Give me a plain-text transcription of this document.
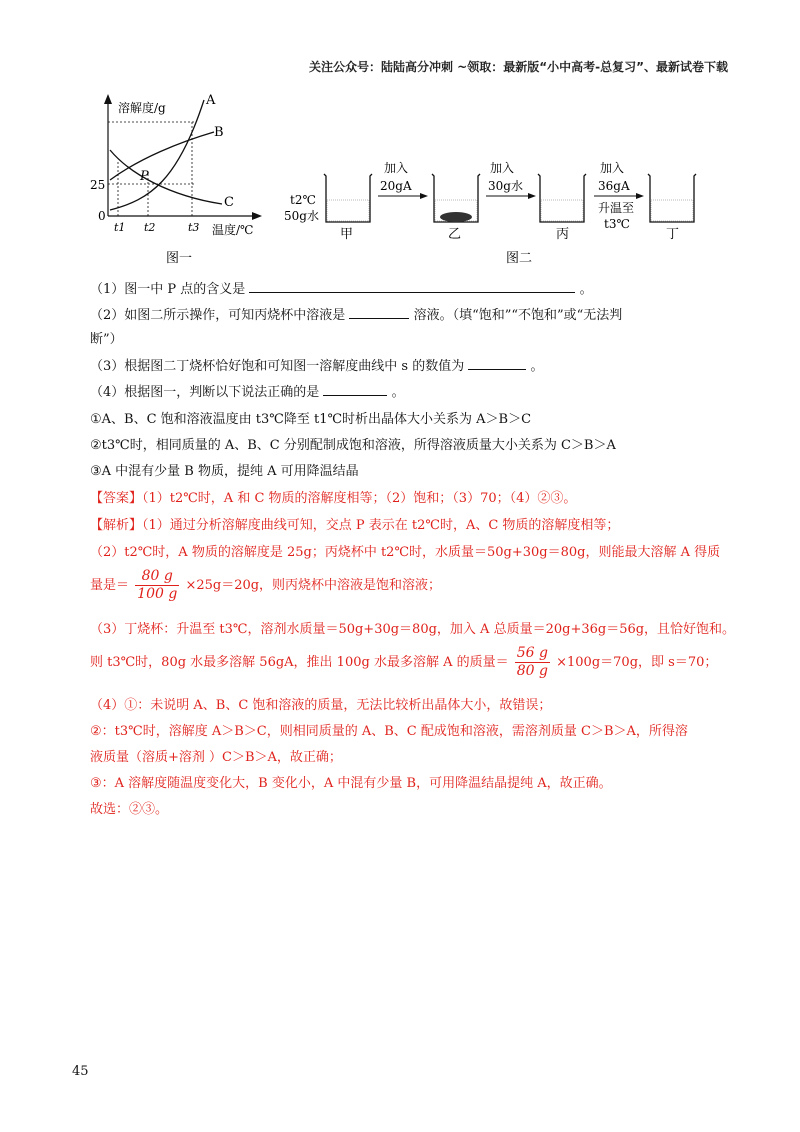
关注公众号：陆陆高分冲刺 ~领取：最新版“小中高考-总复习”、最新试卷下载
溶解度/g
温度/℃
25
0
A
B
C
P
t1 t2	t3
图一
t2℃
50g水
甲
加入
20gA
乙
加入
30g水
丙
加入
36gA
升温至
t3℃
丁
图二
（1）图一中 P 点的含义是	。
（2）如图二所示操作，可知丙烧杯中溶液是	溶液。（填“饱和”“不饱和”或“无法判
断”）
（3）根据图二丁烧杯恰好饱和可知图一溶解度曲线中 s 的数值为	。
（4）根据图一，判断以下说法正确的是	。
①A、B、C 饱和溶液温度由 t3℃降至 t1℃时析出晶体大小关系为 A＞B＞C
②t3℃时，相同质量的 A、B、C 分别配制成饱和溶液，所得溶液质量大小关系为 C＞B＞A
③A 中混有少量 B 物质，提纯 A 可用降温结晶
【答案】（1）t2℃时，A 和 C 物质的溶解度相等；（2）饱和；（3）70；（4）②③。
【解析】（1）通过分析溶解度曲线可知，交点 P 表示在 t2℃时，A、C 物质的溶解度相等；
（2）t2℃时，A 物质的溶解度是 25g；丙烧杯中 t2℃时，水质量＝50g+30g＝80g，则能最大溶解 A 得质
量是＝ $\frac{80 g}{100 g} \times 25g=20g$，则丙烧杯中溶液是饱和溶液；
（3）丁烧杯：升温至 t3℃，溶剂水质量＝50g+30g＝80g，加入 A 总质量＝20g+36g＝56g，且恰好饱和。
则 t3℃时，80g 水最多溶解 56gA，推出 100g 水最多溶解 A 的质量＝ $\frac{56 g}{80 g} \times 100g=70g$，即 s＝70；
（4）①：未说明 A、B、C 饱和溶液的质量，无法比较析出晶体大小，故错误；
②：t3℃时，溶解度 A＞B＞C，则相同质量的 A、B、C 配成饱和溶液，需溶剂质量 C＞B＞A，所得溶
液质量（溶质+溶剂 ）C＞B＞A，故正确；
③：A 溶解度随温度变化大，B 变化小，A 中混有少量 B，可用降温结晶提纯 A，故正确。
故选：②③。
45
